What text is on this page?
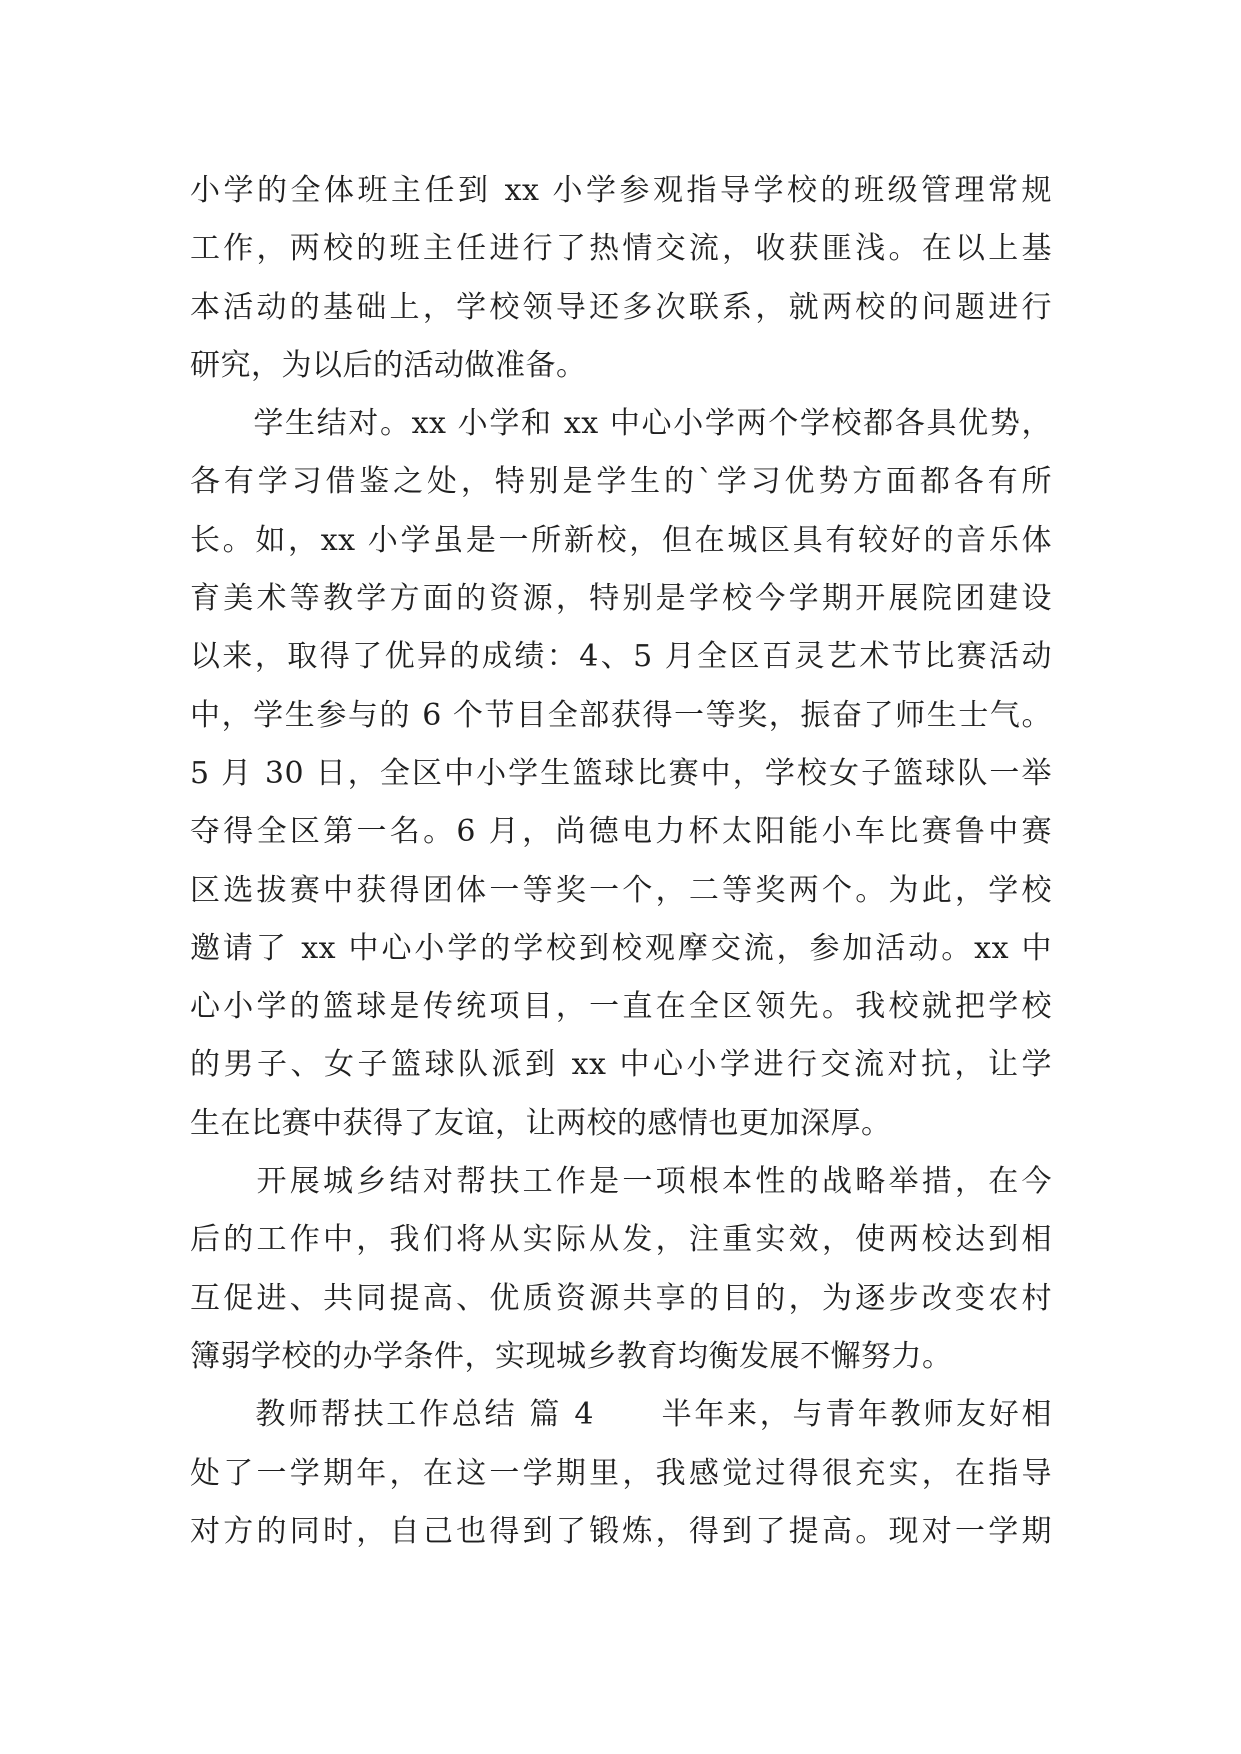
小学的全体班主任到 xx 小学参观指导学校的班级管理常规
工作，两校的班主任进行了热情交流，收获匪浅。在以上基
本活动的基础上，学校领导还多次联系，就两校的问题进行
研究，为以后的活动做准备。
　　学生结对。xx 小学和 xx 中心小学两个学校都各具优势，
各有学习借鉴之处，特别是学生的`学习优势方面都各有所
长。如，xx 小学虽是一所新校，但在城区具有较好的音乐体
育美术等教学方面的资源，特别是学校今学期开展院团建设
以来，取得了优异的成绩：4、5 月全区百灵艺术节比赛活动
中，学生参与的 6 个节目全部获得一等奖，振奋了师生士气。
5 月 30 日，全区中小学生篮球比赛中，学校女子篮球队一举
夺得全区第一名。6 月，尚德电力杯太阳能小车比赛鲁中赛
区选拔赛中获得团体一等奖一个，二等奖两个。为此，学校
邀请了 xx 中心小学的学校到校观摩交流，参加活动。xx 中
心小学的篮球是传统项目，一直在全区领先。我校就把学校
的男子、女子篮球队派到 xx 中心小学进行交流对抗，让学
生在比赛中获得了友谊，让两校的感情也更加深厚。
　　开展城乡结对帮扶工作是一项根本性的战略举措，在今
后的工作中，我们将从实际从发，注重实效，使两校达到相
互促进、共同提高、优质资源共享的目的，为逐步改变农村
簿弱学校的办学条件，实现城乡教育均衡发展不懈努力。
　　教师帮扶工作总结 篇 4　　半年来，与青年教师友好相
处了一学期年，在这一学期里，我感觉过得很充实，在指导
对方的同时，自己也得到了锻炼，得到了提高。现对一学期
